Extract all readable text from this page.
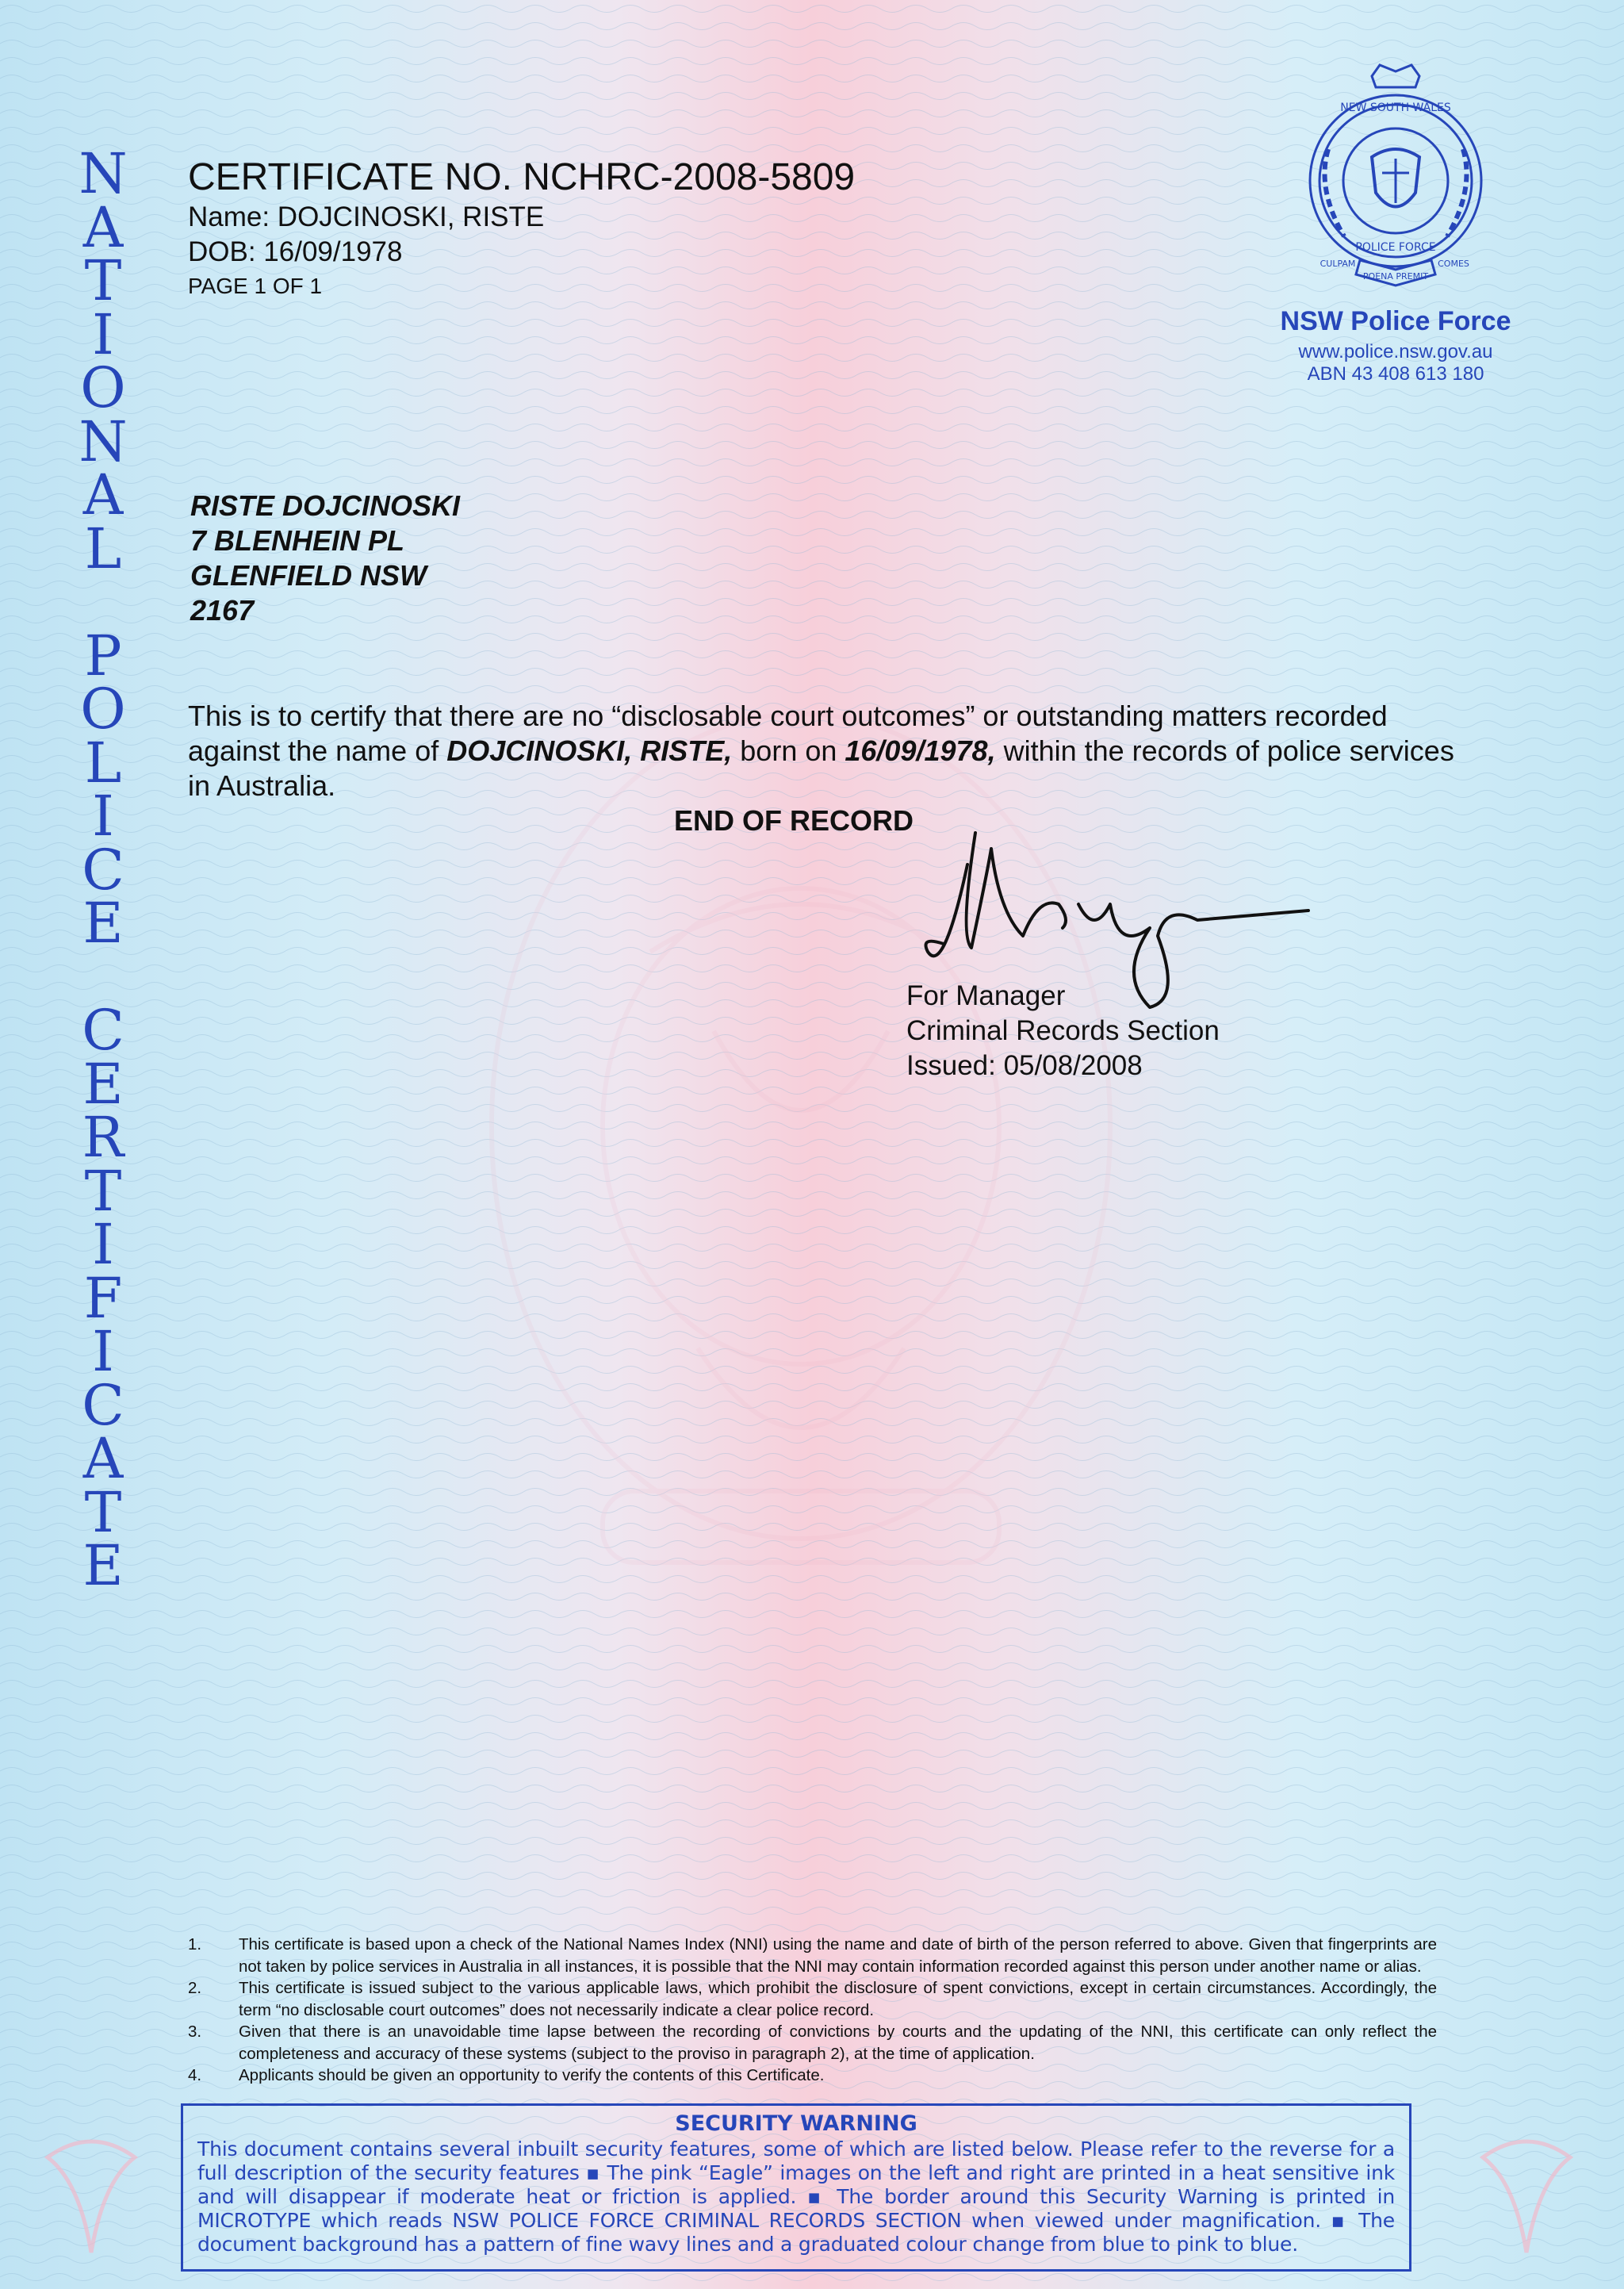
N
A
T
I
O
N
A
L
P
O
L
I
C
E
C
E
R
T
I
F
I
C
A
T
E
CERTIFICATE NO. NCHRC-2008-5809
Name: DOJCINOSKI, RISTE
DOB: 16/09/1978
PAGE 1 OF 1
NEW SOUTH WALES
POLICE FORCE
CULPAM	COMES
POENA PREMIT
NSW Police Force
www.police.nsw.gov.au
ABN 43 408 613 180
RISTE DOJCINOSKI
7 BLENHEIN PL
GLENFIELD NSW
2167
This is to certify that there are no “disclosable court outcomes” or outstanding matters recorded against the name of DOJCINOSKI, RISTE, born on 16/09/1978, within the records of police services in Australia.
END OF RECORD
For Manager
Criminal Records Section
Issued: 05/08/2008
1. This certificate is based upon a check of the National Names Index (NNI) using the name and date of birth of the person referred to above. Given that fingerprints are not taken by police services in Australia in all instances, it is possible that the NNI may contain information recorded against this person under another name or alias.
2. This certificate is issued subject to the various applicable laws, which prohibit the disclosure of spent convictions, except in certain circumstances. Accordingly, the term “no disclosable court outcomes” does not necessarily indicate a clear police record.
3. Given that there is an unavoidable time lapse between the recording of convictions by courts and the updating of the NNI, this certificate can only reflect the completeness and accuracy of these systems (subject to the proviso in paragraph 2), at the time of application.
4. Applicants should be given an opportunity to verify the contents of this Certificate.
SECURITY WARNING
This document contains several inbuilt security features, some of which are listed below. Please refer to the reverse for a full description of the security features ▪ The pink “Eagle” images on the left and right are printed in a heat sensitive ink and will disappear if moderate heat or friction is applied. ▪ The border around this Security Warning is printed in MICROTYPE which reads NSW POLICE FORCE CRIMINAL RECORDS SECTION when viewed under magnification. ▪ The document background has a pattern of fine wavy lines and a graduated colour change from blue to pink to blue.
